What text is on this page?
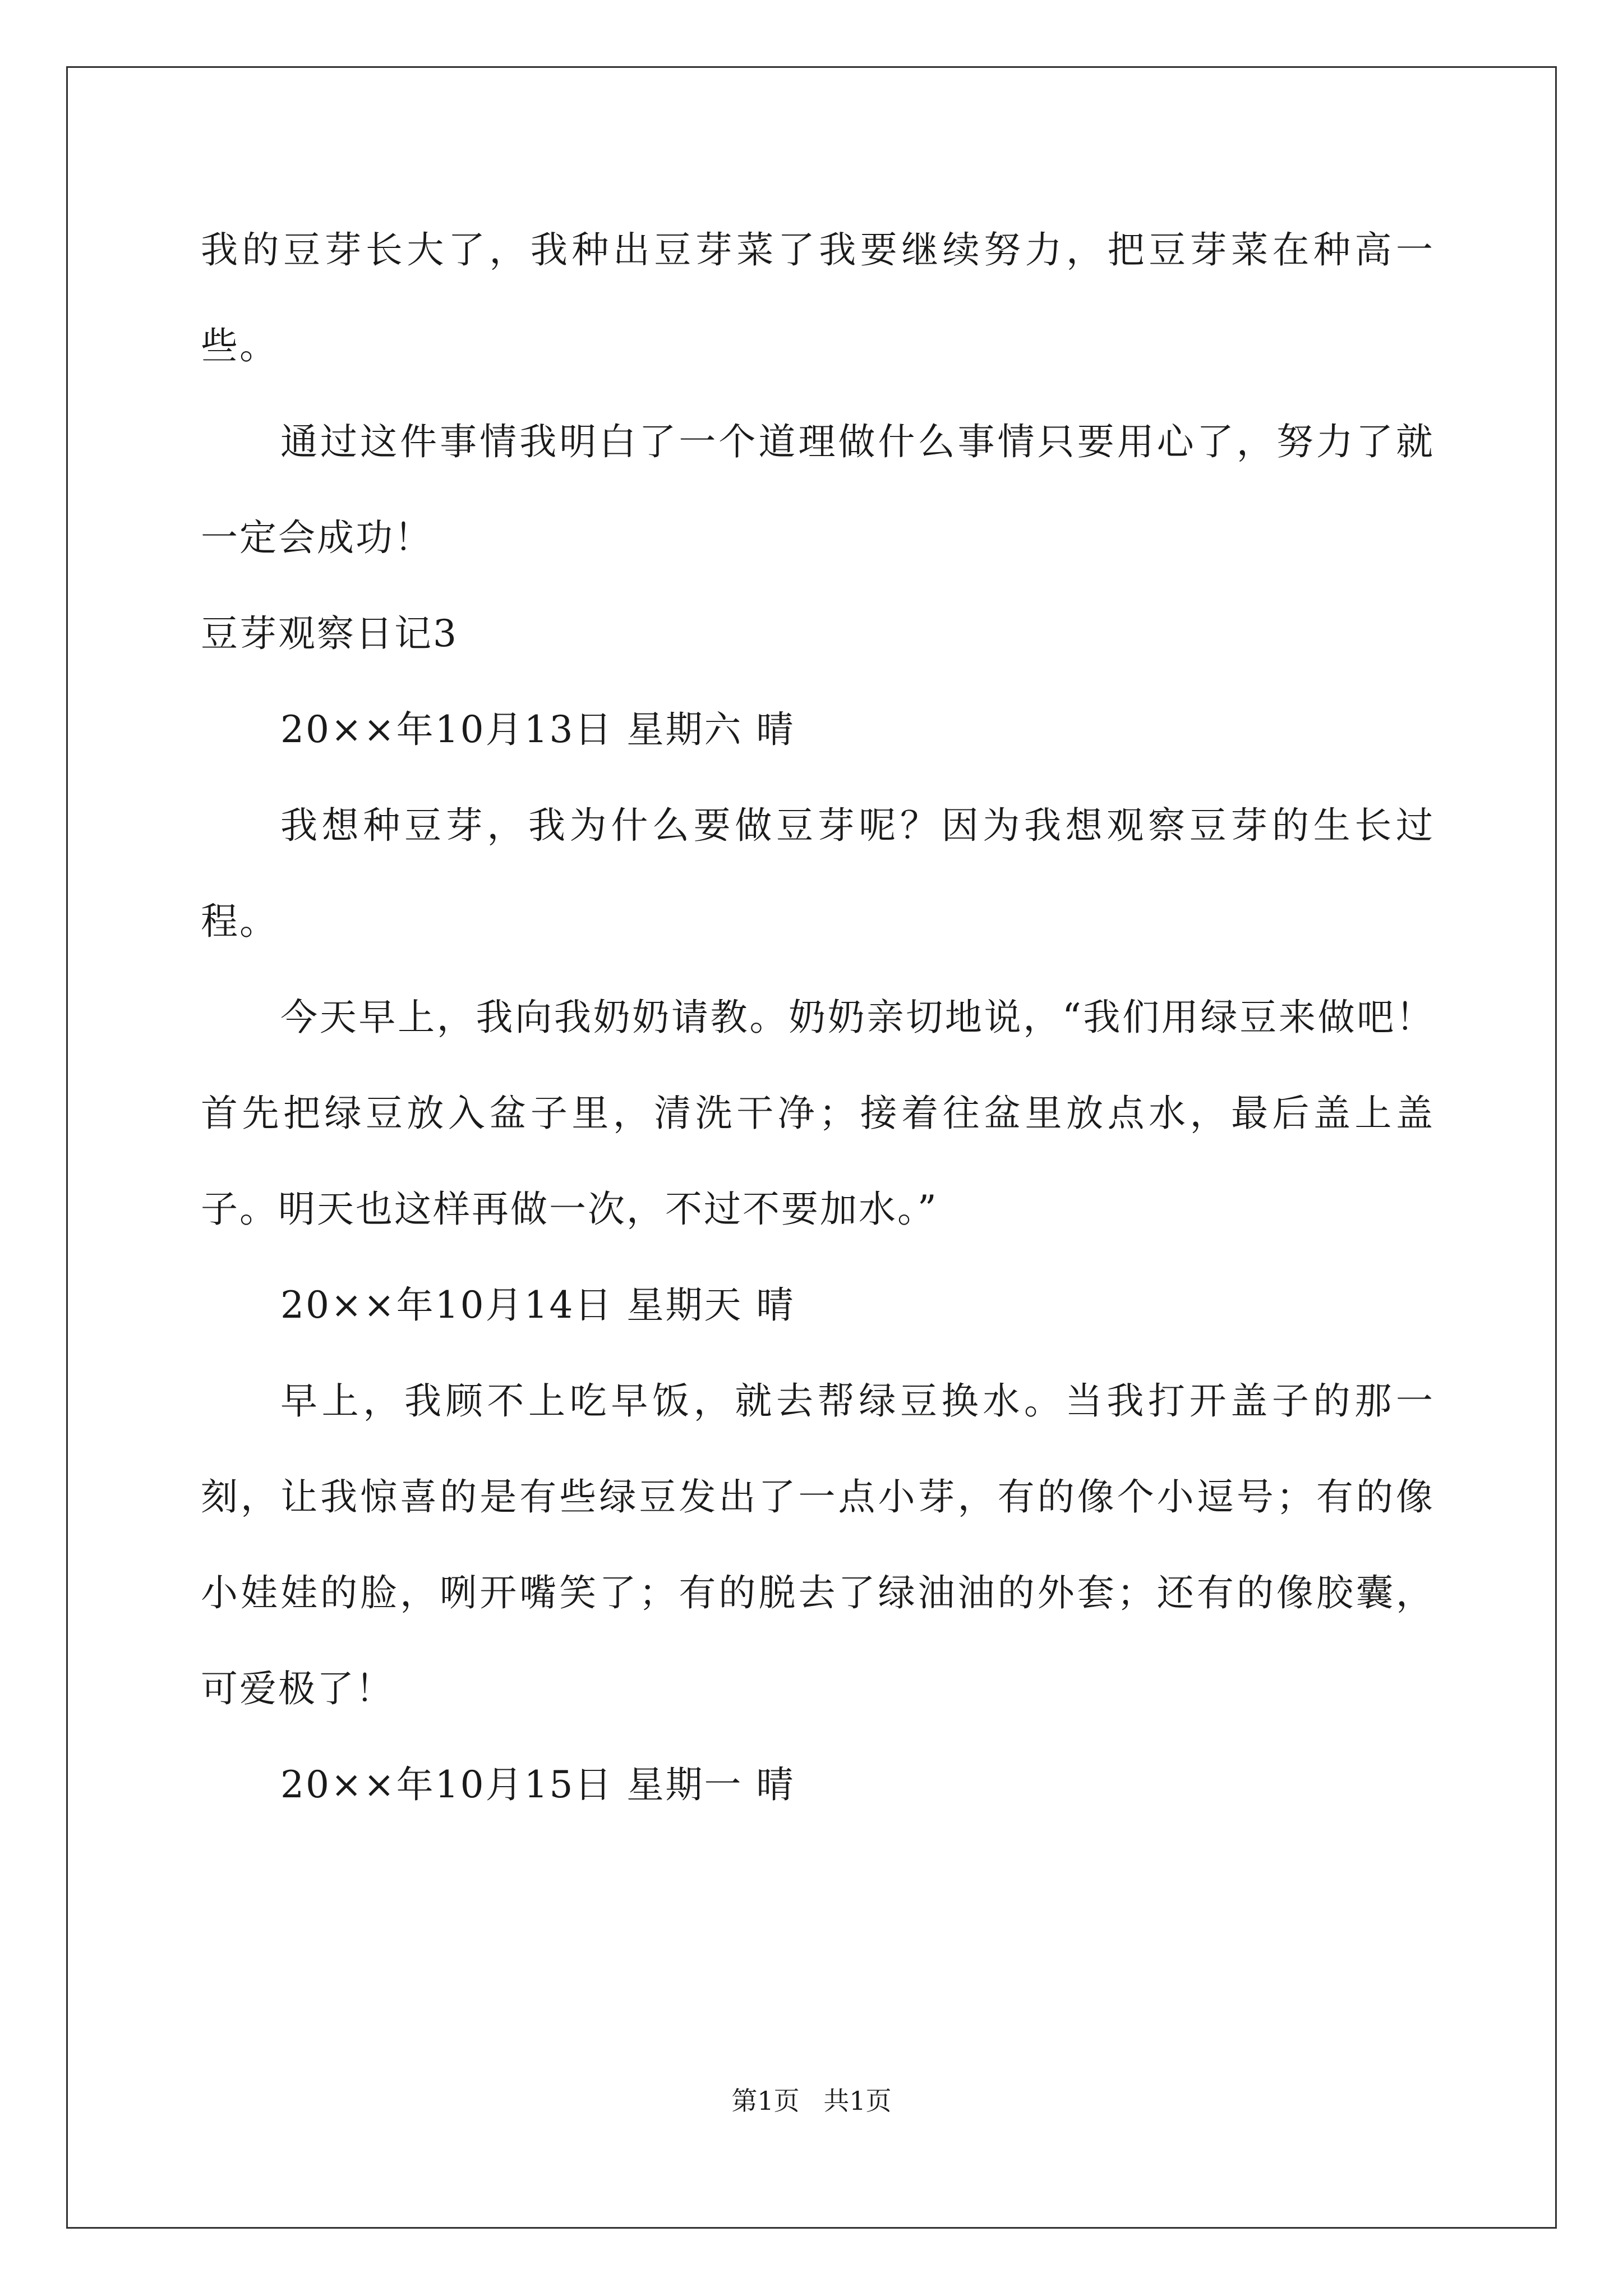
我的豆芽长大了，我种出豆芽菜了我要继续努力，把豆芽菜在种高一些。

通过这件事情我明白了一个道理做什么事情只要用心了，努力了就一定会成功！

豆芽观察日记3

20××年10月13日 星期六 晴

我想种豆芽，我为什么要做豆芽呢？因为我想观察豆芽的生长过程。

今天早上，我向我奶奶请教。奶奶亲切地说，“我们用绿豆来做吧！首先把绿豆放入盆子里，清洗干净；接着往盆里放点水，最后盖上盖子。明天也这样再做一次，不过不要加水。”

20××年10月14日 星期天 晴

早上，我顾不上吃早饭，就去帮绿豆换水。当我打开盖子的那一刻，让我惊喜的是有些绿豆发出了一点小芽，有的像个小逗号；有的像小娃娃的脸，咧开嘴笑了；有的脱去了绿油油的外套；还有的像胶囊，可爱极了！

20××年10月15日 星期一 晴

第1页 共1页
